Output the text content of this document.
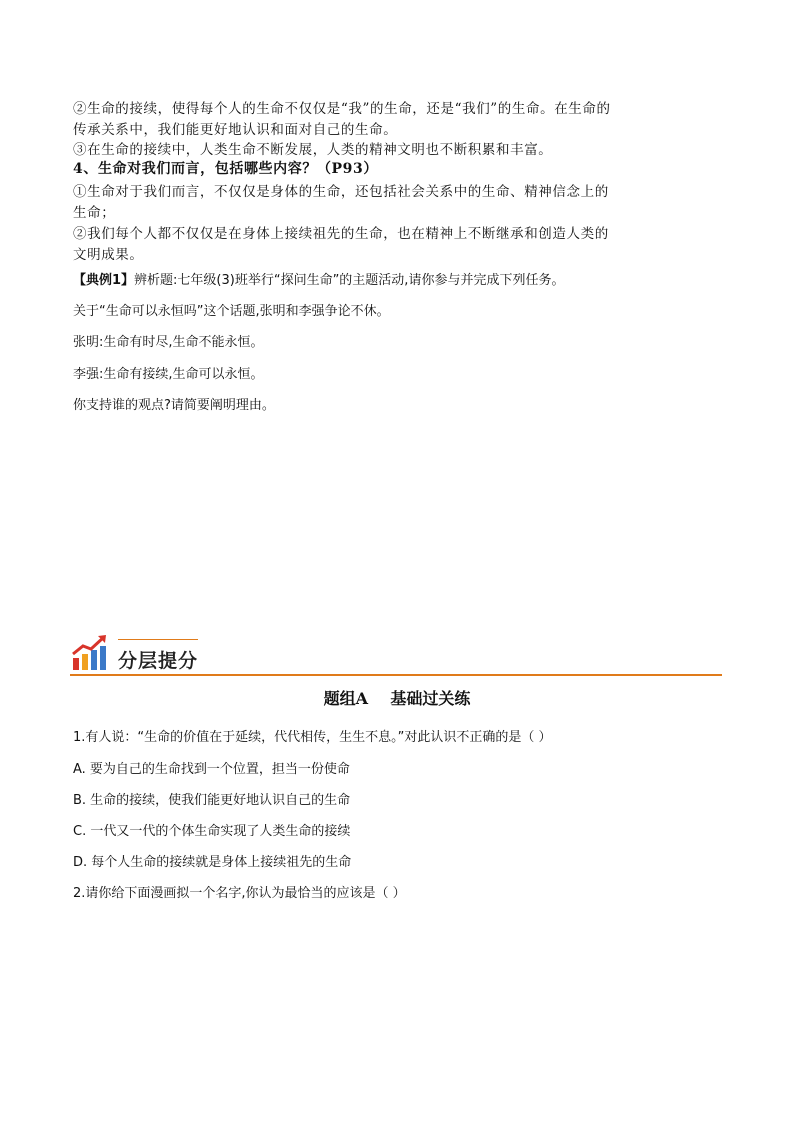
②生命的接续，使得每个人的生命不仅仅是“我”的生命，还是“我们”的生命。在生命的
传承关系中，我们能更好地认识和面对自己的生命。
③在生命的接续中，人类生命不断发展，人类的精神文明也不断积累和丰富。
4、生命对我们而言，包括哪些内容？（P93）
①生命对于我们而言，不仅仅是身体的生命，还包括社会关系中的生命、精神信念上的
生命；
②我们每个人都不仅仅是在身体上接续祖先的生命，也在精神上不断继承和创造人类的
文明成果。
【典例1】辨析题:七年级(3)班举行“探问生命”的主题活动,请你参与并完成下列任务。
关于“生命可以永恒吗”这个话题,张明和李强争论不休。
张明:生命有时尽,生命不能永恒。
李强:生命有接续,生命可以永恒。
你支持谁的观点?请简要阐明理由。
分层提分
题组A    基础过关练
1.有人说：“生命的价值在于延续，代代相传，生生不息。”对此认识不正确的是（ ）
A. 要为自己的生命找到一个位置，担当一份使命
B. 生命的接续，使我们能更好地认识自己的生命
C. 一代又一代的个体生命实现了人类生命的接续
D. 每个人生命的接续就是身体上接续祖先的生命
2.请你给下面漫画拟一个名字,你认为最恰当的应该是（ ）
